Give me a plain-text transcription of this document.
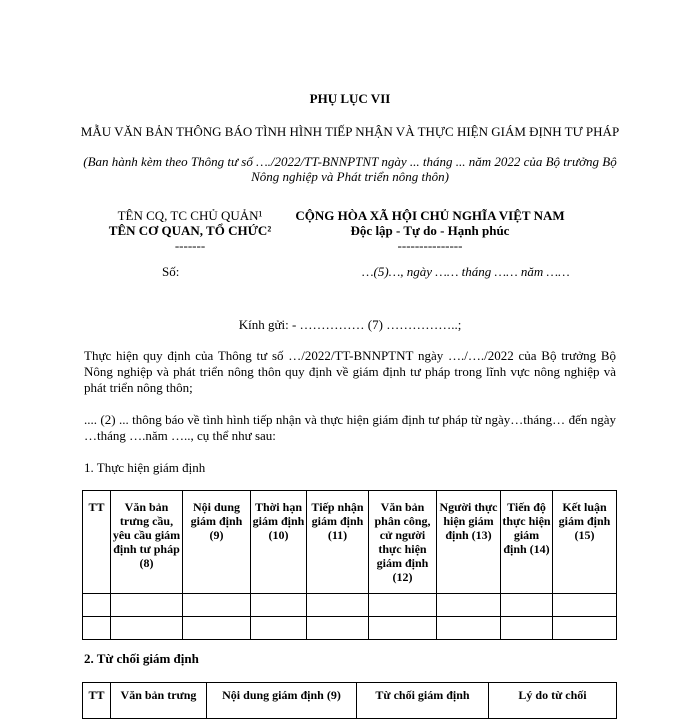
PHỤ LỤC VII
MẪU VĂN BẢN THÔNG BÁO TÌNH HÌNH TIẾP NHẬN VÀ THỰC HIỆN GIÁM ĐỊNH TƯ PHÁP
(Ban hành kèm theo Thông tư số …./2022/TT-BNNPTNT ngày ... tháng ... năm 2022 của Bộ trưởng Bộ Nông nghiệp và Phát triển nông thôn)
TÊN CQ, TC CHỦ QUẢN¹
TÊN CƠ QUAN, TỔ CHỨC²
-------
CỘNG HÒA XÃ HỘI CHỦ NGHĨA VIỆT NAM
Độc lập - Tự do - Hạnh phúc
---------------
Số:	…(5)…, ngày …… tháng …… năm ……
Kính gửi: - …………… (7) ……………..;
Thực hiện quy định của Thông tư số …/2022/TT-BNNPTNT ngày …./…./2022 của Bộ trưởng Bộ Nông nghiệp và phát triển nông thôn quy định về giám định tư pháp trong lĩnh vực nông nghiệp và phát triển nông thôn;
.... (2) ... thông báo về tình hình tiếp nhận và thực hiện giám định tư pháp từ ngày…tháng… đến ngày …tháng ….năm ….., cụ thể như sau:
1. Thực hiện giám định
TT	Văn bản trưng cầu, yêu cầu giám định tư pháp (8)	Nội dung giám định (9)	Thời hạn giám định (10)	Tiếp nhận giám định (11)	Văn bản phân công, cử người thực hiện giám định (12)	Người thực hiện giám định (13)	Tiến độ thực hiện giám định (14)	Kết luận giám định (15)

2. Từ chối giám định
TT	Văn bản trưng	Nội dung giám định (9)	Từ chối giám định	Lý do từ chối
